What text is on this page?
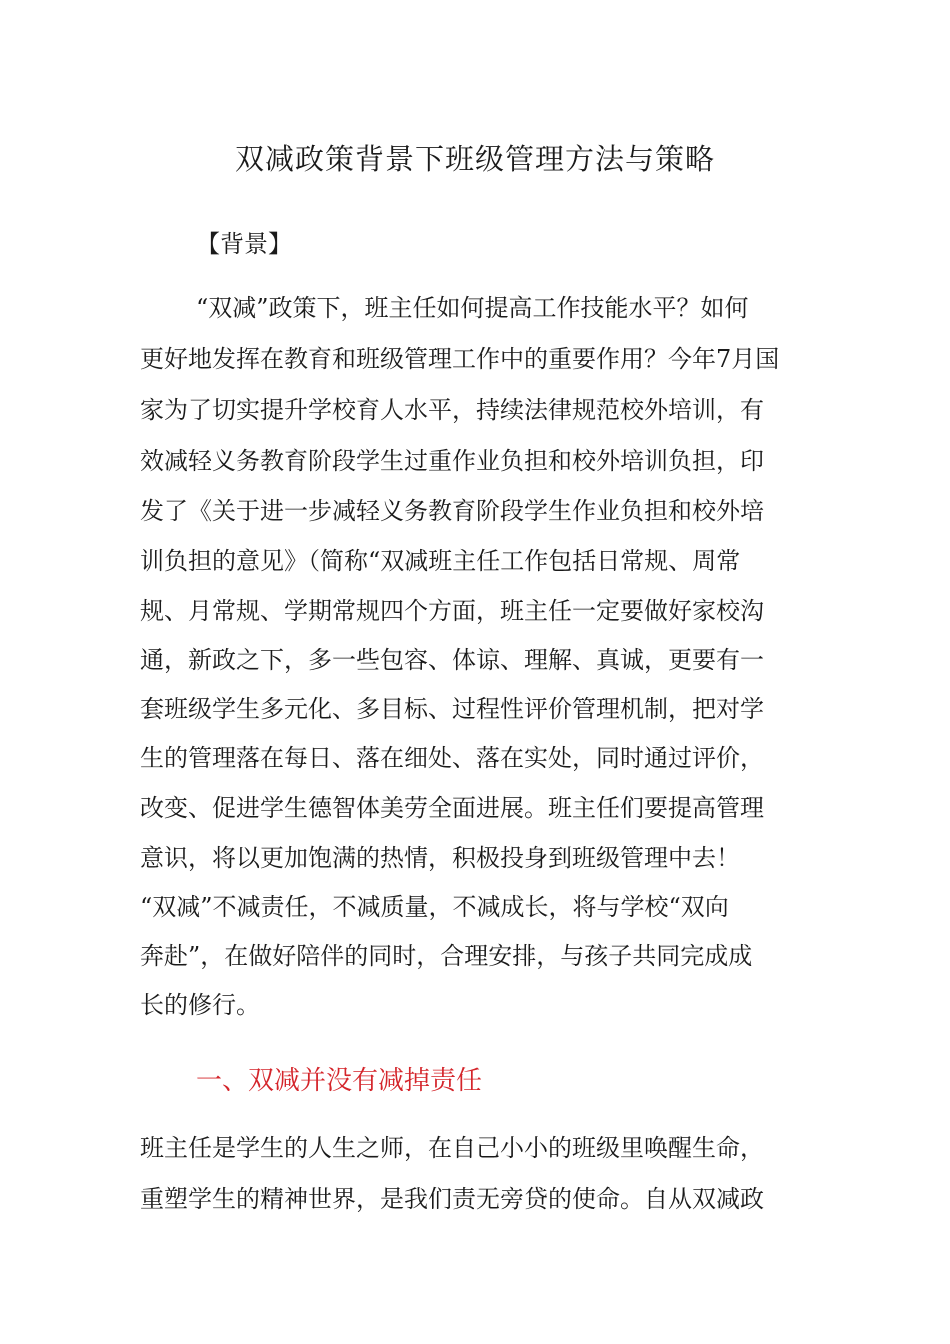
双减政策背景下班级管理方法与策略
【背景】
“双减”政策下，班主任如何提高工作技能水平？如何
更好地发挥在教育和班级管理工作中的重要作用？今年7月国
家为了切实提升学校育人水平，持续法律规范校外培训，有
效减轻义务教育阶段学生过重作业负担和校外培训负担，印
发了《关于进一步减轻义务教育阶段学生作业负担和校外培
训负担的意见》（简称“双减班主任工作包括日常规、周常
规、月常规、学期常规四个方面，班主任一定要做好家校沟
通，新政之下，多一些包容、体谅、理解、真诚，更要有一
套班级学生多元化、多目标、过程性评价管理机制，把对学
生的管理落在每日、落在细处、落在实处，同时通过评价，
改变、促进学生德智体美劳全面进展。班主任们要提高管理
意识，将以更加饱满的热情，积极投身到班级管理中去！
“双减”不减责任，不减质量，不减成长，将与学校“双向
奔赴”，在做好陪伴的同时，合理安排，与孩子共同完成成
长的修行。
一、双减并没有减掉责任
班主任是学生的人生之师，在自己小小的班级里唤醒生命，
重塑学生的精神世界，是我们责无旁贷的使命。自从双减政
